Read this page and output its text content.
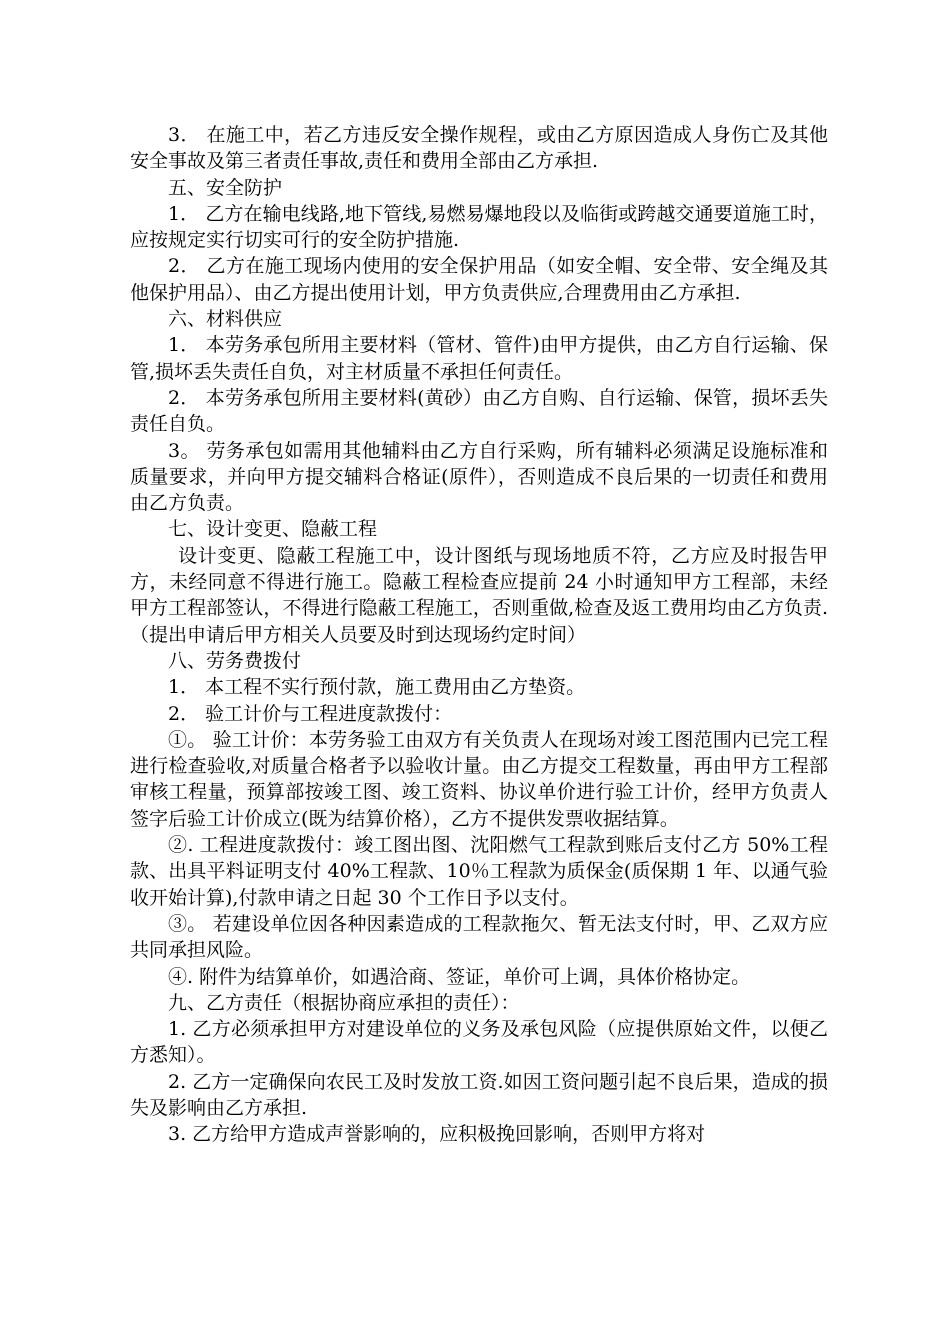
3． 在施工中，若乙方违反安全操作规程，或由乙方原因造成人身伤亡及其他安全事故及第三者责任事故,责任和费用全部由乙方承担.

五、安全防护

1． 乙方在输电线路,地下管线,易燃易爆地段以及临街或跨越交通要道施工时，应按规定实行切实可行的安全防护措施.

2． 乙方在施工现场内使用的安全保护用品（如安全帽、安全带、安全绳及其他保护用品）、由乙方提出使用计划，甲方负责供应,合理费用由乙方承担.

六、材料供应

1． 本劳务承包所用主要材料（管材、管件)由甲方提供，由乙方自行运输、保管,损坏丢失责任自负，对主材质量不承担任何责任。

2． 本劳务承包所用主要材料(黄砂）由乙方自购、自行运输、保管，损坏丢失责任自负。

3。 劳务承包如需用其他辅料由乙方自行采购，所有辅料必须满足设施标准和质量要求，并向甲方提交辅料合格证(原件），否则造成不良后果的一切责任和费用由乙方负责。

七、设计变更、隐蔽工程

设计变更、隐蔽工程施工中，设计图纸与现场地质不符，乙方应及时报告甲方，未经同意不得进行施工。隐蔽工程检查应提前 24 小时通知甲方工程部，未经甲方工程部签认，不得进行隐蔽工程施工，否则重做,检查及返工费用均由乙方负责.（提出申请后甲方相关人员要及时到达现场约定时间）

八、劳务费拨付

1． 本工程不实行预付款，施工费用由乙方垫资。

2． 验工计价与工程进度款拨付：

①。 验工计价：本劳务验工由双方有关负责人在现场对竣工图范围内已完工程进行检查验收,对质量合格者予以验收计量。由乙方提交工程数量，再由甲方工程部审核工程量，预算部按竣工图、竣工资料、协议单价进行验工计价，经甲方负责人签字后验工计价成立(既为结算价格），乙方不提供发票收据结算。

②. 工程进度款拨付：竣工图出图、沈阳燃气工程款到账后支付乙方 50%工程款、出具平料证明支付 40%工程款、10％工程款为质保金(质保期 1 年、以通气验收开始计算),付款申请之日起 30 个工作日予以支付。

③。 若建设单位因各种因素造成的工程款拖欠、暂无法支付时，甲、乙双方应共同承担风险。

④. 附件为结算单价，如遇洽商、签证，单价可上调，具体价格协定。

九、乙方责任（根据协商应承担的责任）：

1. 乙方必须承担甲方对建设单位的义务及承包风险（应提供原始文件，以便乙方悉知）。

2. 乙方一定确保向农民工及时发放工资.如因工资问题引起不良后果，造成的损失及影响由乙方承担.

3. 乙方给甲方造成声誉影响的，应积极挽回影响，否则甲方将对
